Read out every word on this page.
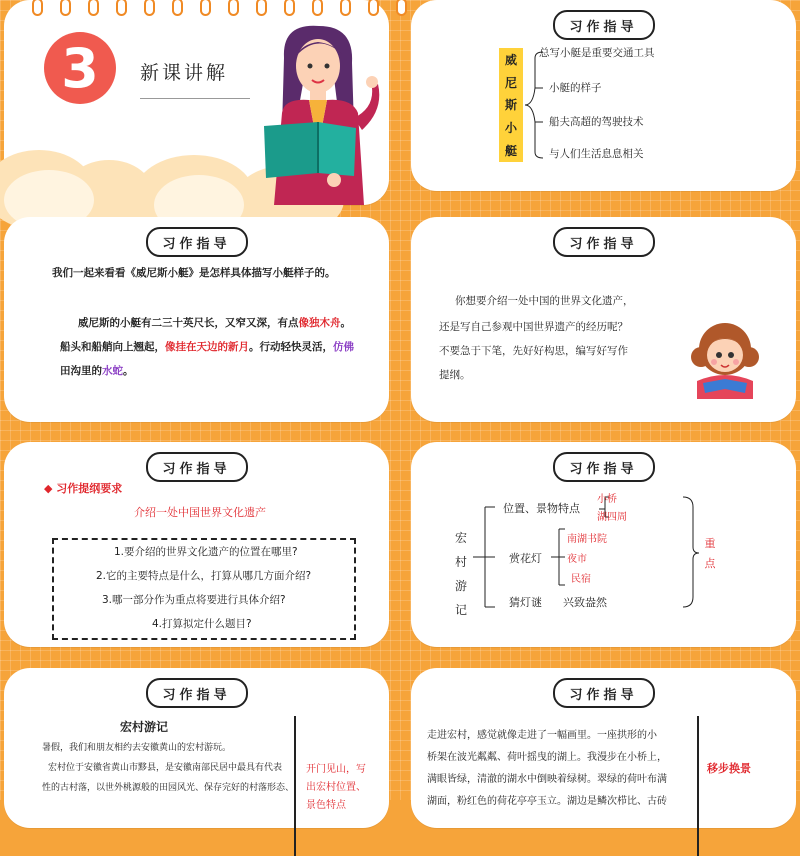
3 新课讲解
习作指导
威
尼
斯
小
艇
总写小艇是重要交通工具
小艇的样子
船夫高超的驾驶技术
与人们生活息息相关
习作指导
我们一起来看看《威尼斯小艇》是怎样具体描写小艇样子的。
威尼斯的小艇有二三十英尺长，又窄又深，有点像独木舟。
船头和船艄向上翘起，像挂在天边的新月。行动轻快灵活，仿佛
田沟里的水蛇。
习作指导
你想要介绍一处中国的世界文化遗产，
还是写自己参观中国世界遗产的经历呢？
不要急于下笔，先好好构思，编写好写作
提纲。
习作指导
◆ 习作提纲要求
介绍一处中国世界文化遗产
1.要介绍的世界文化遗产的位置在哪里?
2.它的主要特点是什么，打算从哪几方面介绍?
3.哪一部分作为重点将要进行具体介绍?
4.打算拟定什么题目?
习作指导
宏
村
游
记
位置、景物特点
小桥
湖四周
赏花灯
南湖书院
夜市
民宿
猜灯谜 兴致盎然
重
点
习作指导
宏村游记
暑假，我们和朋友相约去安徽黄山的宏村游玩。
宏村位于安徽省黄山市黟县，是安徽南部民居中最具有代表
性的古村落，以世外桃源般的田园风光、保存完好的村落形态、
开门见山，写
出宏村位置、
景色特点
习作指导
走进宏村，感觉就像走进了一幅画里。一座拱形的小
桥架在波光粼粼、荷叶摇曳的湖上。我漫步在小桥上，
满眼皆绿，清澈的湖水中倒映着绿树。翠绿的荷叶布满
湖面，粉红色的荷花亭亭玉立。湖边是鳞次栉比、古砖
移步换景
